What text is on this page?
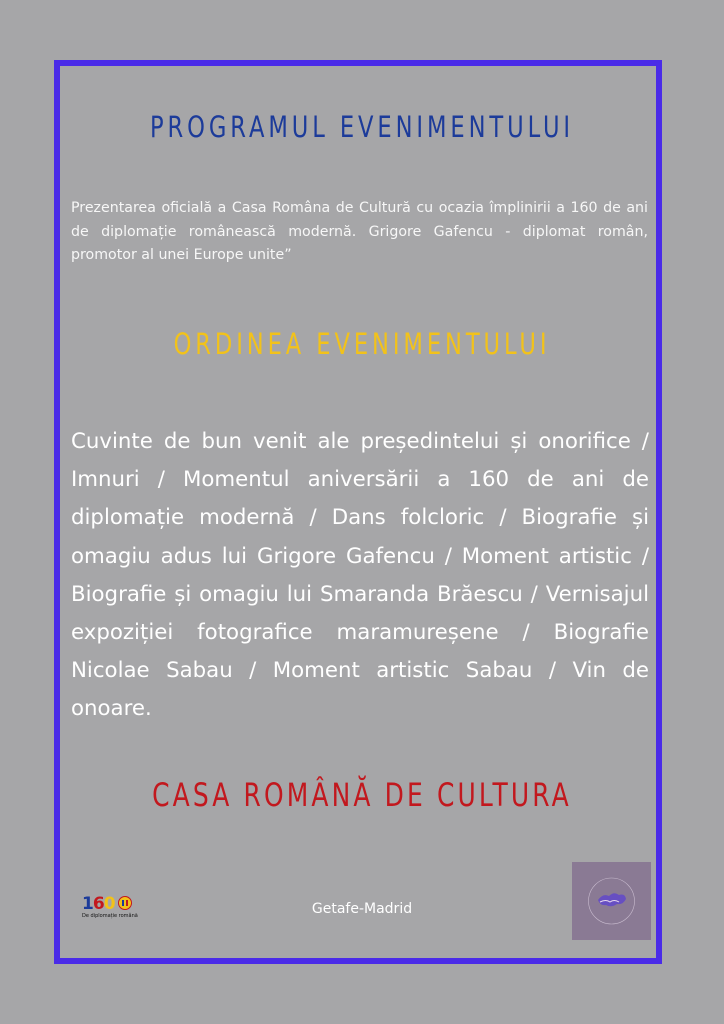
PROGRAMUL EVENIMENTULUI
Prezentarea oficială a Casa Româna de Cultură cu ocazia împlinirii a 160 de ani de diplomație românească modernă. Grigore Gafencu - diplomat român, promotor al unei Europe unite”
ORDINEA EVENIMENTULUI
Cuvinte de bun venit ale președintelui și onorifice / Imnuri / Momentul aniversării a 160 de ani de diplomație modernă / Dans folcloric / Biografie și omagiu adus lui Grigore Gafencu / Moment artistic / Biografie și omagiu lui Smaranda Brăescu / Vernisajul expoziției fotografice maramureșene / Biografie Nicolae Sabau / Moment artistic Sabau / Vin de onoare.
CASA ROMÂNĂ DE CULTURA
160
De diplomație română	Getafe-Madrid
